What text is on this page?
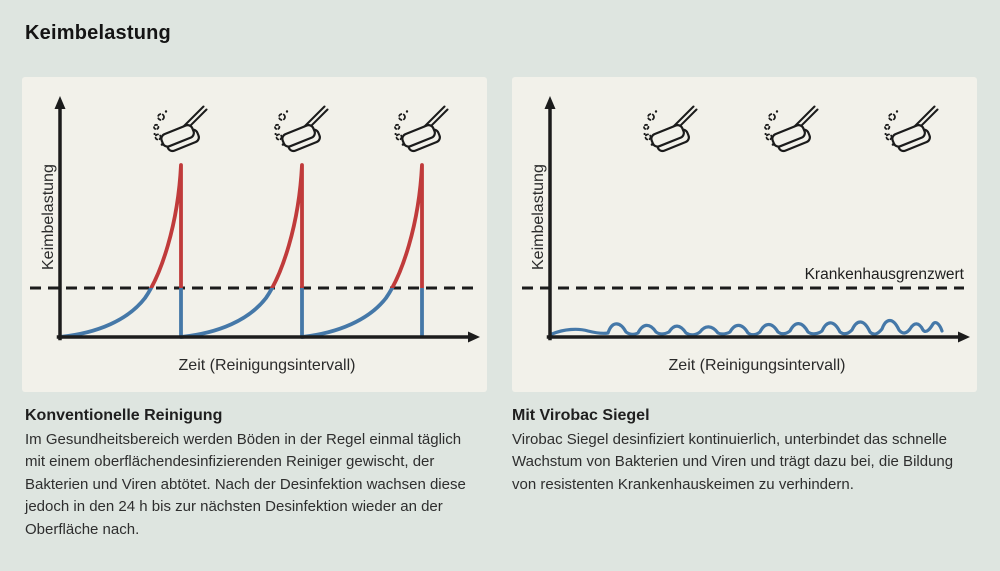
Keimbelastung
Keimbelastung
Zeit (Reinigungsintervall)
Krankenhausgrenzwert
Keimbelastung
Zeit (Reinigungsintervall)
Konventionelle Reinigung

Im Gesundheitsbereich werden Böden in der Regel einmal täglich mit einem oberflächendesinfizierenden Reiniger gewischt, der Bakterien und Viren abtötet. Nach der Desinfektion wachsen diese jedoch in den 24 h bis zur nächsten Desinfektion wieder an der Oberfläche nach.

Mit Virobac Siegel

Virobac Siegel desinfiziert kontinuierlich, unterbindet das schnelle Wachstum von Bakterien und Viren und trägt dazu bei, die Bildung von resistenten Krankenhauskeimen zu verhindern.
